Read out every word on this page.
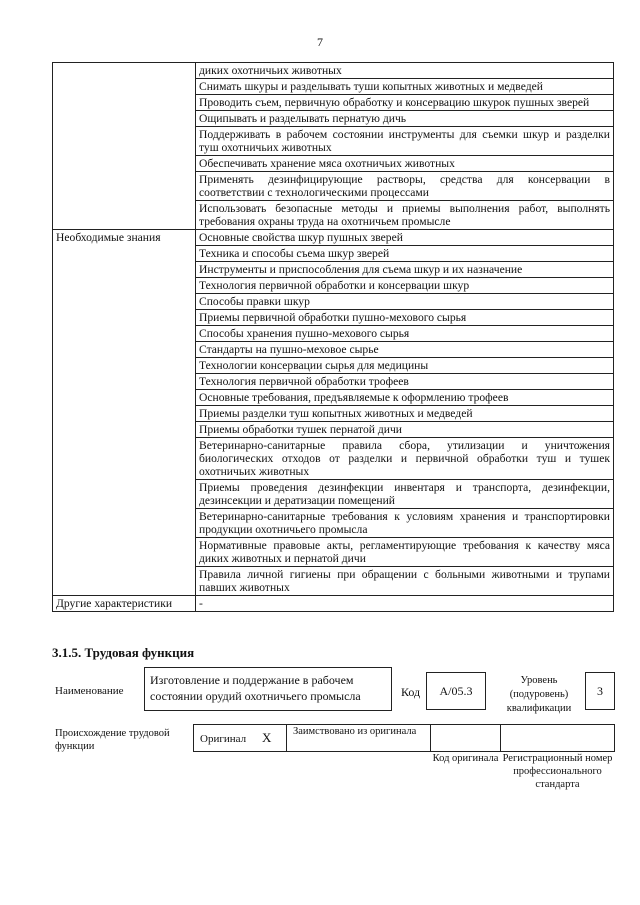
7
	диких охотничьих животных
	Снимать шкуры и разделывать туши копытных животных и медведей
	Проводить съем, первичную обработку и консервацию шкурок пушных зверей
	Ощипывать и разделывать пернатую дичь
	Поддерживать в рабочем состоянии инструменты для съемки шкур и разделки туш охотничьих животных
	Обеспечивать хранение мяса охотничьих животных
	Применять дезинфицирующие растворы, средства для консервации в соответствии с технологическими процессами
	Использовать безопасные методы и приемы выполнения работ, выполнять требования охраны труда на охотничьем промысле
Необходимые знания	Основные свойства шкур пушных зверей
	Техника и способы съема шкур зверей
	Инструменты и приспособления для съема шкур и их назначение
	Технология первичной обработки и консервации шкур
	Способы правки шкур
	Приемы первичной обработки пушно-мехового сырья
	Способы хранения пушно-мехового сырья
	Стандарты на пушно-меховое сырье
	Технологии консервации сырья для медицины
	Технология первичной обработки трофеев
	Основные требования, предъявляемые к оформлению трофеев
	Приемы разделки туш копытных животных и медведей
	Приемы обработки тушек пернатой дичи
	Ветеринарно-санитарные правила сбора, утилизации и уничтожения биологических отходов от разделки и первичной обработки туш и тушек охотничьих животных
	Приемы проведения дезинфекции инвентаря и транспорта, дезинфекции, дезинсекции и дератизации помещений
	Ветеринарно-санитарные требования к условиям хранения и транспортировки продукции охотничьего промысла
	Нормативные правовые акты, регламентирующие требования к качеству мяса диких животных и пернатой дичи
	Правила личной гигиены при обращении с больными животными и трупами павших животных
Другие характеристики	-
3.1.5. Трудовая функция
Наименование
Изготовление и поддержание в рабочем состоянии орудий охотничьего промысла	Код	А/05.3
Уровень (подуровень) квалификации
3
Происхождение трудовой функции
Оригинал Х	Заимствовано из оригинала
Код оригинала Регистрационный номер профессионального стандарта
